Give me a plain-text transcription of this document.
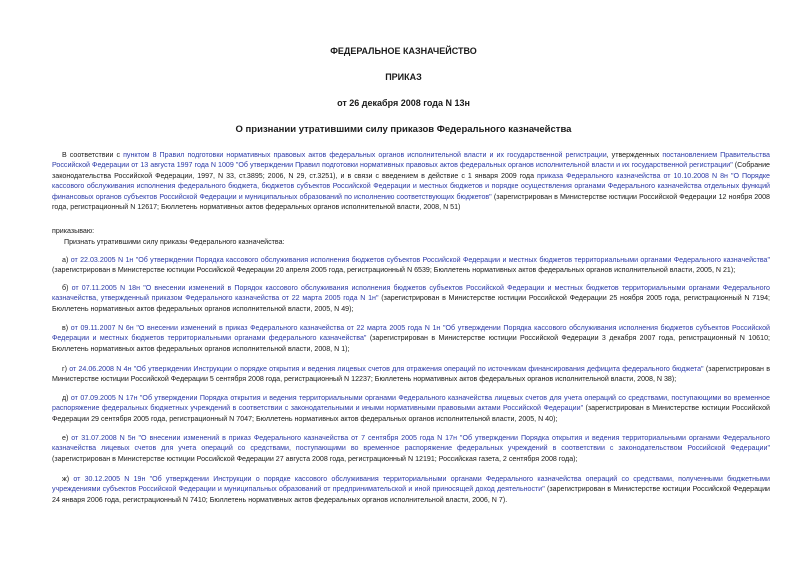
ФЕДЕРАЛЬНОЕ КАЗНАЧЕЙСТВО
ПРИКАЗ
от 26 декабря 2008 года N 13н
О признании утратившими силу приказов Федерального казначейства

В соответствии с пунктом 8 Правил подготовки нормативных правовых актов федеральных органов исполнительной власти и их государственной регистрации, утвержденных постановлением Правительства Российской Федерации от 13 августа 1997 года N 1009 "Об утверждении Правил подготовки нормативных правовых актов федеральных органов исполнительной власти и их государственной регистрации" (Собрание законодательства Российской Федерации, 1997, N 33, ст.3895; 2006, N 29, ст.3251), и в связи с введением в действие с 1 января 2009 года приказа Федерального казначейства от 10.10.2008 N 8н "О Порядке кассового обслуживания исполнения федерального бюджета, бюджетов субъектов Российской Федерации и местных бюджетов и порядке осуществления органами Федерального казначейства отдельных функций финансовых органов субъектов Российской Федерации и муниципальных образований по исполнению соответствующих бюджетов" (зарегистрирован в Министерстве юстиции Российской Федерации 12 ноября 2008 года, регистрационный N 12617; Бюллетень нормативных актов федеральных органов исполнительной власти, 2008, N 51)

приказываю:
Признать утратившими силу приказы Федерального казначейства:

а) от 22.03.2005 N 1н "Об утверждении Порядка кассового обслуживания исполнения бюджетов субъектов Российской Федерации и местных бюджетов территориальными органами Федерального казначейства" (зарегистрирован в Министерстве юстиции Российской Федерации 20 апреля 2005 года, регистрационный N 6539; Бюллетень нормативных актов федеральных органов исполнительной власти, 2005, N 21);

б) от 07.11.2005 N 18н "О внесении изменений в Порядок кассового обслуживания исполнения бюджетов субъектов Российской Федерации и местных бюджетов территориальными органами Федерального казначейства, утвержденный приказом Федерального казначейства от 22 марта 2005 года N 1н" (зарегистрирован в Министерстве юстиции Российской Федерации 25 ноября 2005 года, регистрационный N 7194; Бюллетень нормативных актов федеральных органов исполнительной власти, 2005, N 49);

в) от 09.11.2007 N 6н "О внесении изменений в приказ Федерального казначейства от 22 марта 2005 года N 1н "Об утверждении Порядка кассового обслуживания исполнения бюджетов субъектов Российской Федерации и местных бюджетов территориальными органами федерального казначейства" (зарегистрирован в Министерстве юстиции Российской Федерации 3 декабря 2007 года, регистрационный N 10610; Бюллетень нормативных актов федеральных органов исполнительной власти, 2008, N 1);

г) от 24.06.2008 N 4н "Об утверждении Инструкции о порядке открытия и ведения лицевых счетов для отражения операций по источникам финансирования дефицита федерального бюджета" (зарегистрирован в Министерстве юстиции Российской Федерации 5 сентября 2008 года, регистрационный N 12237; Бюллетень нормативных актов федеральных органов исполнительной власти, 2008, N 38);

д) от 07.09.2005 N 17н "Об утверждении Порядка открытия и ведения территориальными органами Федерального казначейства лицевых счетов для учета операций со средствами, поступающими во временное распоряжение федеральных бюджетных учреждений в соответствии с законодательными и иными нормативными правовыми актами Российской Федерации" (зарегистрирован в Министерстве юстиции Российской Федерации 29 сентября 2005 года, регистрационный N 7047; Бюллетень нормативных актов федеральных органов исполнительной власти, 2005, N 40);

е) от 31.07.2008 N 5н "О внесении изменений в приказ Федерального казначейства от 7 сентября 2005 года N 17н "Об утверждении Порядка открытия и ведения территориальными органами Федерального казначейства лицевых счетов для учета операций со средствами, поступающими во временное распоряжение федеральных учреждений в соответствии с законодательством Российской Федерации" (зарегистрирован в Министерстве юстиции Российской Федерации 27 августа 2008 года, регистрационный N 12191; Российская газета, 2 сентября 2008 года);

ж) от 30.12.2005 N 19н "Об утверждении Инструкции о порядке кассового обслуживания территориальными органами Федерального казначейства операций со средствами, полученными бюджетными учреждениями субъектов Российской Федерации и муниципальных образований от предпринимательской и иной приносящей доход деятельности" (зарегистрирован в Министерстве юстиции Российской Федерации 24 января 2006 года, регистрационный N 7410; Бюллетень нормативных актов федеральных органов исполнительной власти, 2006, N 7).
